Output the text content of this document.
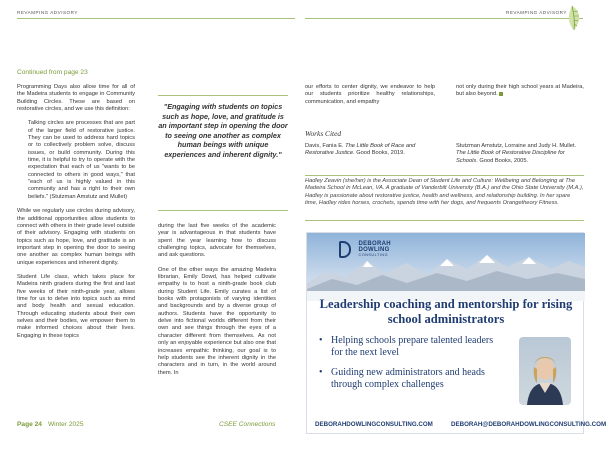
REVAMPING ADVISORY	REVAMPING ADVISORY
Continued from page 23

Programming Days also allow time for all of the Madeira students to engage in Community Building Circles. These are based on restorative circles, and we use this definition:

Talking circles are processes that are part of the larger field of restorative justice. They can be used to address hard topics or to collectively problem solve, discuss issues, or build community. During this time, it is helpful to try to operate with the expectation that each of us "wants to be connected to others in good ways," that "each of us is highly valued in this community and has a right to their own beliefs." (Stutzman Amstutz and Mullet)

While we regularly use circles during advisory, the additional opportunities allow students to connect with others in their grade level outside of their advisory. Engaging with students on topics such as hope, love, and gratitude is an important step in opening the door to seeing one another as complex human beings with unique experiences and inherent dignity.

Student Life class, which takes place for Madeira ninth graders during the first and last five weeks of their ninth-grade year, allows time for us to delve into topics such as mind and body health and sexual education. Through educating students about their own selves and their bodies, we empower them to make informed choices about their lives. Engaging in these topics

"Engaging with students on topics such as hope, love, and gratitude is an important step in opening the door to seeing one another as complex human beings with unique experiences and inherent dignity."

during the last five weeks of the academic year is advantageous in that students have spent the year learning how to discuss challenging topics, advocate for themselves, and ask questions.

One of the other ways the amazing Madeira librarian, Emily Dowd, has helped cultivate empathy is to host a ninth-grade book club during Student Life. Emily curates a list of books with protagonists of varying identities and backgrounds and by a diverse group of authors. Students have the opportunity to delve into fictional worlds different from their own and see things through the eyes of a character different from themselves. As not only an enjoyable experience but also one that increases empathic thinking, our goal is to help students see the inherent dignity in the characters and in turn, in the world around them. In

our efforts to center dignity, we endeavor to help our students prioritize healthy relationships, communication, and empathy

not only during their high school years at Madeira, but also beyond.

Works Cited
Davis, Fania E. The Little Book of Race and Restorative Justice. Good Books, 2019.
Stutzman Amstutz, Lorraine and Judy H. Mullet. The Little Book of Restorative Discipline for Schools. Good Books, 2005.
Hadley Zeavin (she/her) is the Associate Dean of Student Life and Culture: Wellbeing and Belonging at The Madeira School in McLean, VA. A graduate of Vanderbilt University (B.A.) and the Ohio State University (M.A.), Hadley is passionate about restorative justice, health and wellness, and relationship building. In her spare time, Hadley rides horses, crochets, spends time with her dogs, and frequents Orangetheory Fitness.

DEBORAH
DOWLING
CONSULTING
Leadership coaching and mentorship for rising school administrators
• Helping schools prepare talented leaders for the next level
• Guiding new administrators and heads through complex challenges
DEBORAHDOWLINGCONSULTING.COM	DEBORAH@DEBORAHDOWLINGCONSULTING.COM
Page 24 Winter 2025	CSEE Connections
